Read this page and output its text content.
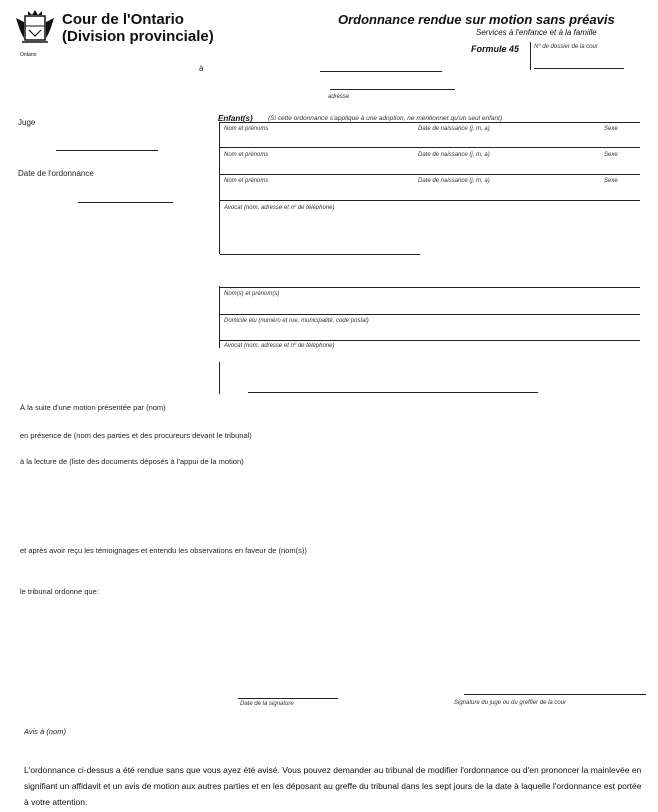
Ontario
Cour de l'Ontario
(Division provinciale)
Ordonnance rendue sur motion sans préavis
Services à l'enfance et à la famille
Formule 45 Nº de dossier de la cour
à
adresse
Juge
Date de l'ordonnance
Enfant(s) (Si cette ordonnance s'applique à une adoption, ne mentionner qu'un seul enfant)
Nom et prénoms	Date de naissance (j, m, a)	Sexe
Nom et prénoms	Date de naissance (j, m, a)	Sexe
Nom et prénoms	Date de naissance (j, m, a)	Sexe
Avocat (nom, adresse et nº de téléphone)
Nom(s) et prénom(s)
Domicile élu (numéro et rue, municipalité, code postal)
Avocat (nom, adresse et nº de téléphone)
À la suite d'une motion présentée par (nom)
en présence de (nom des parties et des procureurs devant le tribunal)
à la lecture de (liste des documents déposés à l'appui de la motion)
et après avoir reçu les témoignages et entendu les observations en faveur de (nom(s))
le tribunal ordonne que:
Date de la signature	Signature du juge ou du greffier de la cour
Avis à (nom)
L'ordonnance ci-dessus a été rendue sans que vous ayez été avisé. Vous pouvez demander au tribunal de modifier l'ordonnance ou d'en prononcer la mainlevée en signifiant un affidavit et un avis de motion aux autres parties et en les déposant au greffe du tribunal dans les sept jours de la date à laquelle l'ordonnance est portée à votre attention.
